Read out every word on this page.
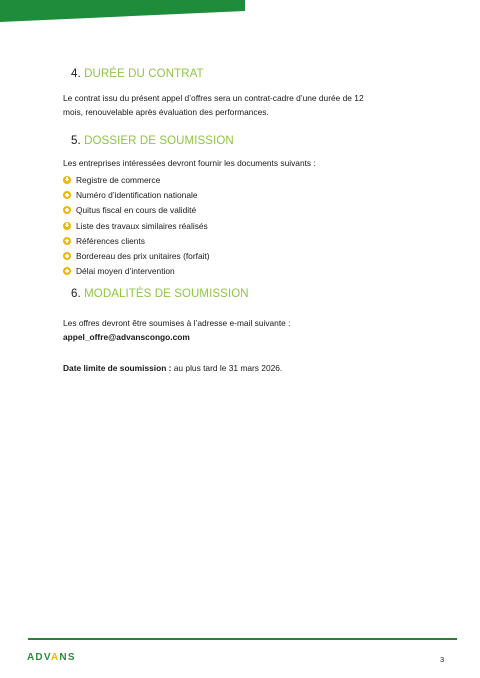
4. DURÉE DU CONTRAT
Le contrat issu du présent appel d’offres sera un contrat-cadre d’une durée de 12
mois, renouvelable après évaluation des performances.
5. DOSSIER DE SOUMISSION
Les entreprises intéressées devront fournir les documents suivants :
Registre de commerce
Numéro d’identification nationale
Quitus fiscal en cours de validité
Liste des travaux similaires réalisés
Références clients
Bordereau des prix unitaires (forfait)
Délai moyen d’intervention
6. MODALITÉS DE SOUMISSION
Les offres devront être soumises à l’adresse e-mail suivante :
appel_offre@advanscongo.com
Date limite de soumission : au plus tard le 31 mars 2026.
ADVANS	3
